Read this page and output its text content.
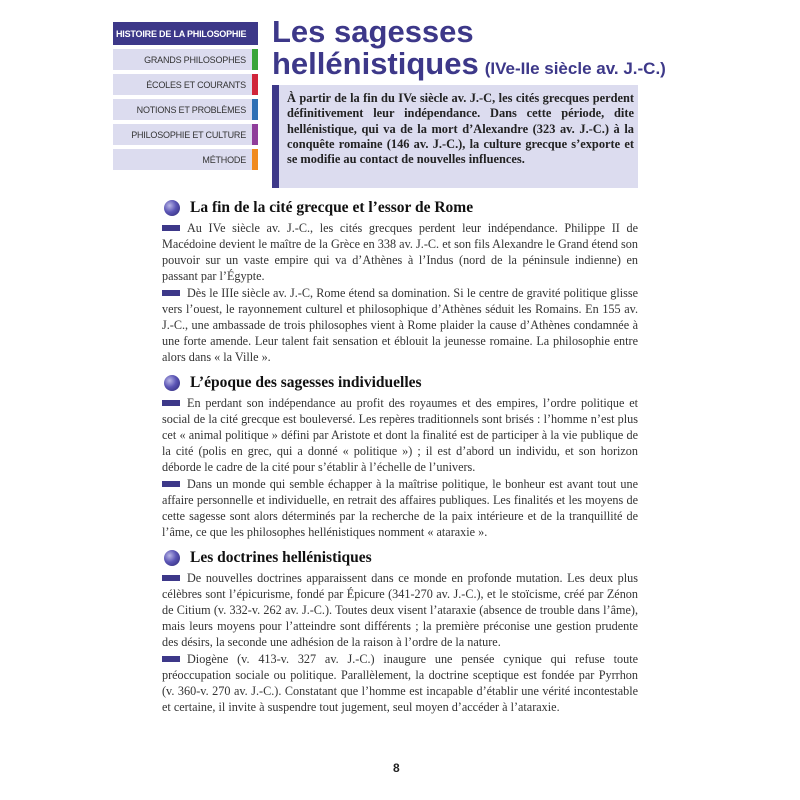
HISTOIRE DE LA PHILOSOPHIE
GRANDS PHILOSOPHES
ÉCOLES ET COURANTS
NOTIONS ET PROBLÈMES
PHILOSOPHIE ET CULTURE
MÉTHODE
Les sagesses
hellénistiques (IVe-IIe siècle av. J.-C.)
À partir de la fin du IVe siècle av. J.-C, les cités grecques perdent définitivement leur indépendance. Dans cette période, dite hellénistique, qui va de la mort d’Alexandre (323 av. J.-C.) à la conquête romaine (146 av. J.-C.), la culture grecque s’exporte et se modifie au contact de nouvelles influences.
La fin de la cité grecque et l’essor de Rome
Au IVe siècle av. J.-C., les cités grecques perdent leur indépendance. Philippe II de Macédoine devient le maître de la Grèce en 338 av. J.-C. et son fils Alexandre le Grand étend son pouvoir sur un vaste empire qui va d’Athènes à l’Indus (nord de la péninsule indienne) en passant par l’Égypte.
Dès le IIIe siècle av. J.-C, Rome étend sa domination. Si le centre de gravité politique glisse vers l’ouest, le rayonnement culturel et philosophique d’Athènes séduit les Romains. En 155 av. J.-C., une ambassade de trois philosophes vient à Rome plaider la cause d’Athènes condamnée à une forte amende. Leur talent fait sensation et éblouit la jeunesse romaine. La philosophie entre alors dans « la Ville ».
L’époque des sagesses individuelles
En perdant son indépendance au profit des royaumes et des empires, l’ordre politique et social de la cité grecque est bouleversé. Les repères traditionnels sont brisés : l’homme n’est plus cet « animal politique » défini par Aristote et dont la finalité est de participer à la vie publique de la cité (polis en grec, qui a donné « politique ») ; il est d’abord un individu, et son horizon déborde le cadre de la cité pour s’établir à l’échelle de l’univers.
Dans un monde qui semble échapper à la maîtrise politique, le bonheur est avant tout une affaire personnelle et individuelle, en retrait des affaires publiques. Les finalités et les moyens de cette sagesse sont alors déterminés par la recherche de la paix intérieure et de la tranquillité de l’âme, ce que les philosophes hellénistiques nomment « ataraxie ».
Les doctrines hellénistiques
De nouvelles doctrines apparaissent dans ce monde en profonde mutation. Les deux plus célèbres sont l’épicurisme, fondé par Épicure (341-270 av. J.-C.), et le stoïcisme, créé par Zénon de Citium (v. 332-v. 262 av. J.-C.). Toutes deux visent l’ataraxie (absence de trouble dans l’âme), mais leurs moyens pour l’atteindre sont différents ; la première préconise une gestion prudente des désirs, la seconde une adhésion de la raison à l’ordre de la nature.
Diogène (v. 413-v. 327 av. J.-C.) inaugure une pensée cynique qui refuse toute préoccupation sociale ou politique. Parallèlement, la doctrine sceptique est fondée par Pyrrhon (v. 360-v. 270 av. J.-C.). Constatant que l’homme est incapable d’établir une vérité incontestable et certaine, il invite à suspendre tout jugement, seul moyen d’accéder à l’ataraxie.
8
